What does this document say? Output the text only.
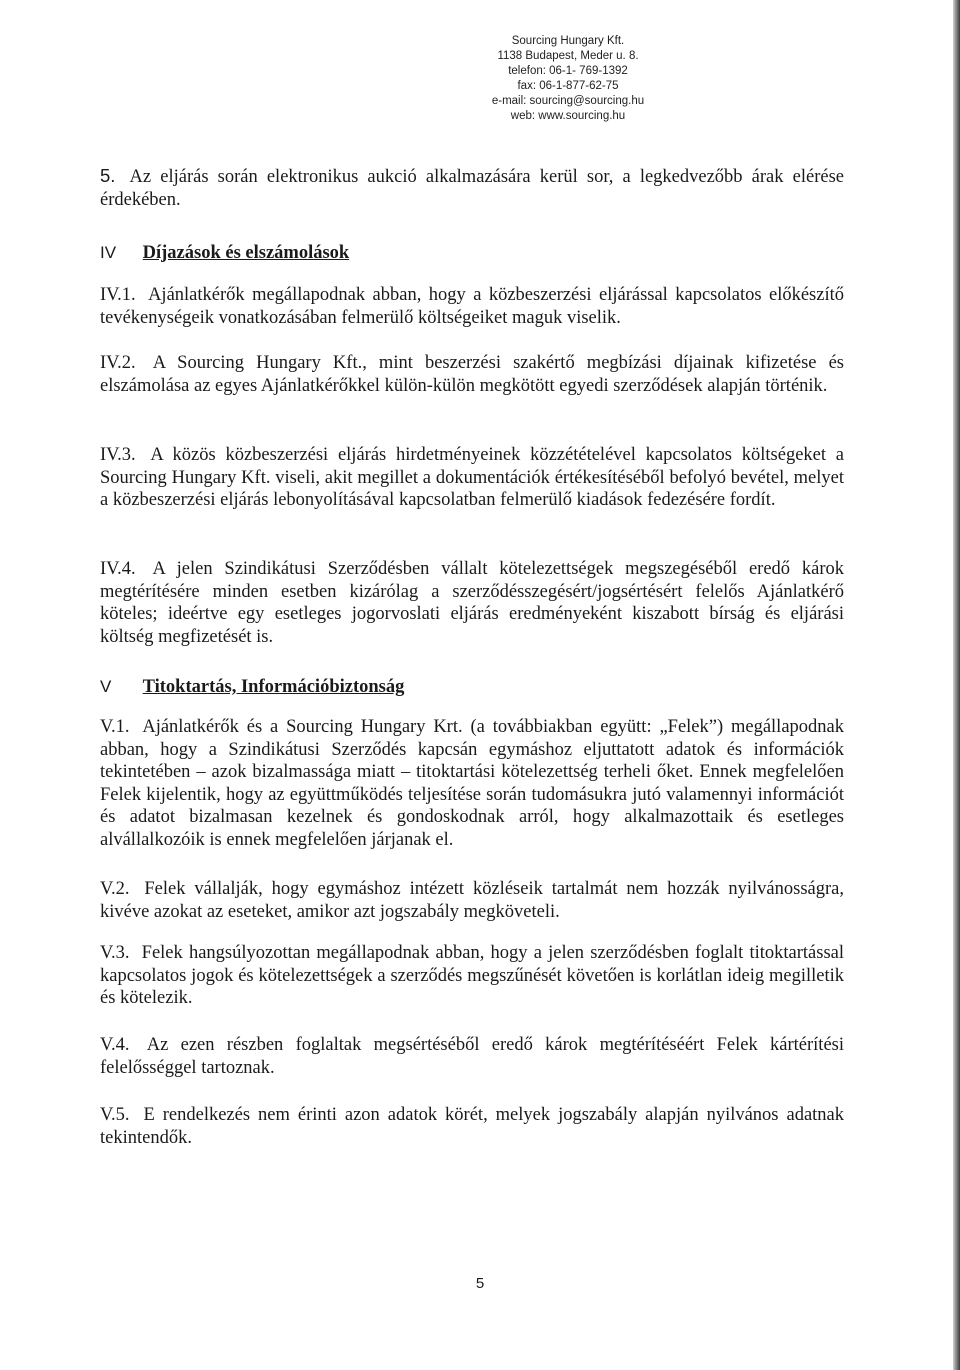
Sourcing Hungary Kft.
1138 Budapest, Meder u. 8.
telefon: 06-1- 769-1392
fax: 06-1-877-62-75
e-mail: sourcing@sourcing.hu
web: www.sourcing.hu
5. Az eljárás során elektronikus aukció alkalmazására kerül sor, a legkedvezőbb árak elérése érdekében.
IV Díjazások és elszámolások
IV.1. Ajánlatkérők megállapodnak abban, hogy a közbeszerzési eljárással kapcsolatos előkészítő tevékenységeik vonatkozásában felmerülő költségeiket maguk viselik.
IV.2. A Sourcing Hungary Kft., mint beszerzési szakértő megbízási díjainak kifizetése és elszámolása az egyes Ajánlatkérőkkel külön-külön megkötött egyedi szerződések alapján történik.
IV.3. A közös közbeszerzési eljárás hirdetményeinek közzétételével kapcsolatos költségeket a Sourcing Hungary Kft. viseli, akit megillet a dokumentációk értékesítéséből befolyó bevétel, melyet a közbeszerzési eljárás lebonyolításával kapcsolatban felmerülő kiadások fedezésére fordít.
IV.4. A jelen Szindikátusi Szerződésben vállalt kötelezettségek megszegéséből eredő károk megtérítésére minden esetben kizárólag a szerződésszegésért/jogsértésért felelős Ajánlatkérő köteles; ideértve egy esetleges jogorvoslati eljárás eredményeként kiszabott bírság és eljárási költség megfizetését is.
V Titoktartás, Információbiztonság
V.1. Ajánlatkérők és a Sourcing Hungary Krt. (a továbbiakban együtt: „Felek”) megállapodnak abban, hogy a Szindikátusi Szerződés kapcsán egymáshoz eljuttatott adatok és információk tekintetében – azok bizalmassága miatt – titoktartási kötelezettség terheli őket. Ennek megfelelően Felek kijelentik, hogy az együttműködés teljesítése során tudomásukra jutó valamennyi információt és adatot bizalmasan kezelnek és gondoskodnak arról, hogy alkalmazottaik és esetleges alvállalkozóik is ennek megfelelően járjanak el.
V.2. Felek vállalják, hogy egymáshoz intézett közléseik tartalmát nem hozzák nyilvánosságra, kivéve azokat az eseteket, amikor azt jogszabály megköveteli.
V.3. Felek hangsúlyozottan megállapodnak abban, hogy a jelen szerződésben foglalt titoktartással kapcsolatos jogok és kötelezettségek a szerződés megszűnését követően is korlátlan ideig megilletik és kötelezik.
V.4. Az ezen részben foglaltak megsértéséből eredő károk megtérítéséért Felek kártérítési felelősséggel tartoznak.
V.5. E rendelkezés nem érinti azon adatok körét, melyek jogszabály alapján nyilvános adatnak tekintendők.
5
